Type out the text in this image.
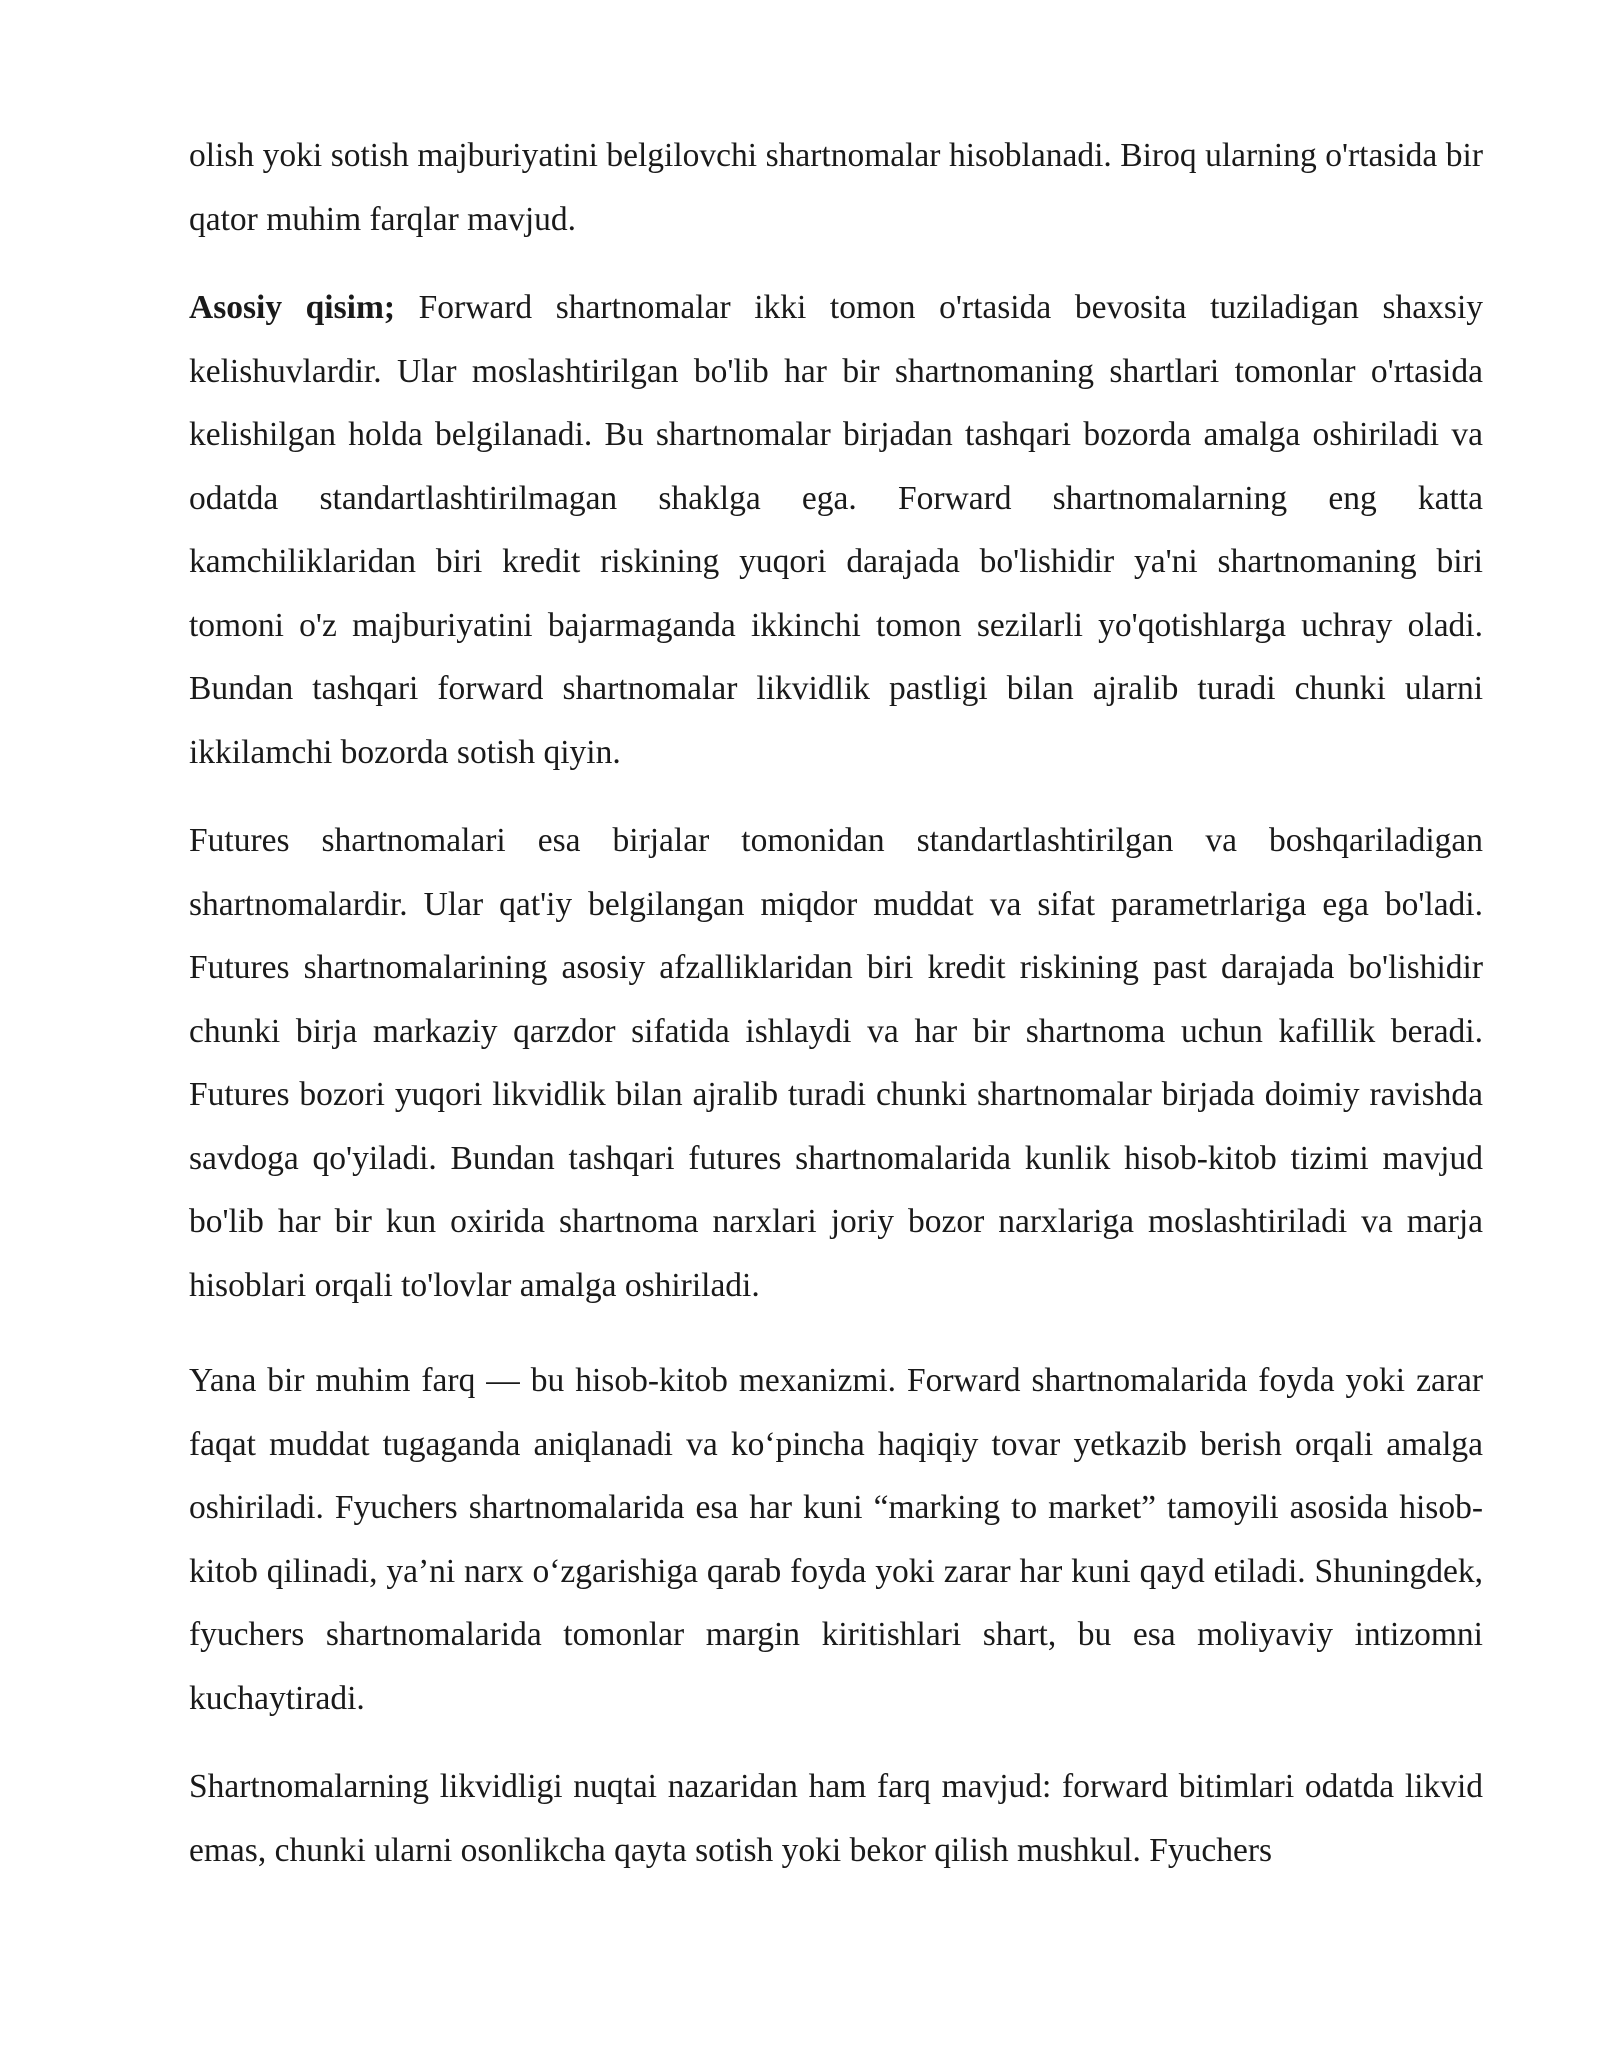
olish yoki sotish majburiyatini belgilovchi shartnomalar hisoblanadi. Biroq ularning o'rtasida bir qator muhim farqlar mavjud.

Asosiy qisim; Forward shartnomalar ikki tomon o'rtasida bevosita tuziladigan shaxsiy kelishuvlardir. Ular moslashtirilgan bo'lib har bir shartnomaning shartlari tomonlar o'rtasida kelishilgan holda belgilanadi. Bu shartnomalar birjadan tashqari bozorda amalga oshiriladi va odatda standartlashtirilmagan shaklga ega. Forward shartnomalarning eng katta kamchiliklaridan biri kredit riskining yuqori darajada bo'lishidir ya'ni shartnomaning biri tomoni o'z majburiyatini bajarmaganda ikkinchi tomon sezilarli yo'qotishlarga uchray oladi. Bundan tashqari forward shartnomalar likvidlik pastligi bilan ajralib turadi chunki ularni ikkilamchi bozorda sotish qiyin.

Futures shartnomalari esa birjalar tomonidan standartlashtirilgan va boshqariladigan shartnomalardir. Ular qat'iy belgilangan miqdor muddat va sifat parametrlariga ega bo'ladi. Futures shartnomalarining asosiy afzalliklaridan biri kredit riskining past darajada bo'lishidir chunki birja markaziy qarzdor sifatida ishlaydi va har bir shartnoma uchun kafillik beradi. Futures bozori yuqori likvidlik bilan ajralib turadi chunki shartnomalar birjada doimiy ravishda savdoga qo'yiladi. Bundan tashqari futures shartnomalarida kunlik hisob-kitob tizimi mavjud bo'lib har bir kun oxirida shartnoma narxlari joriy bozor narxlariga moslashtiriladi va marja hisoblari orqali to'lovlar amalga oshiriladi.

Yana bir muhim farq — bu hisob-kitob mexanizmi. Forward shartnomalarida foyda yoki zarar faqat muddat tugaganda aniqlanadi va ko‘pincha haqiqiy tovar yetkazib berish orqali amalga oshiriladi. Fyuchers shartnomalarida esa har kuni “marking to market” tamoyili asosida hisob-kitob qilinadi, ya’ni narx o‘zgarishiga qarab foyda yoki zarar har kuni qayd etiladi. Shuningdek, fyuchers shartnomalarida tomonlar margin kiritishlari shart, bu esa moliyaviy intizomni kuchaytiradi.

Shartnomalarning likvidligi nuqtai nazaridan ham farq mavjud: forward bitimlari odatda likvid emas, chunki ularni osonlikcha qayta sotish yoki bekor qilish mushkul. Fyuchers
